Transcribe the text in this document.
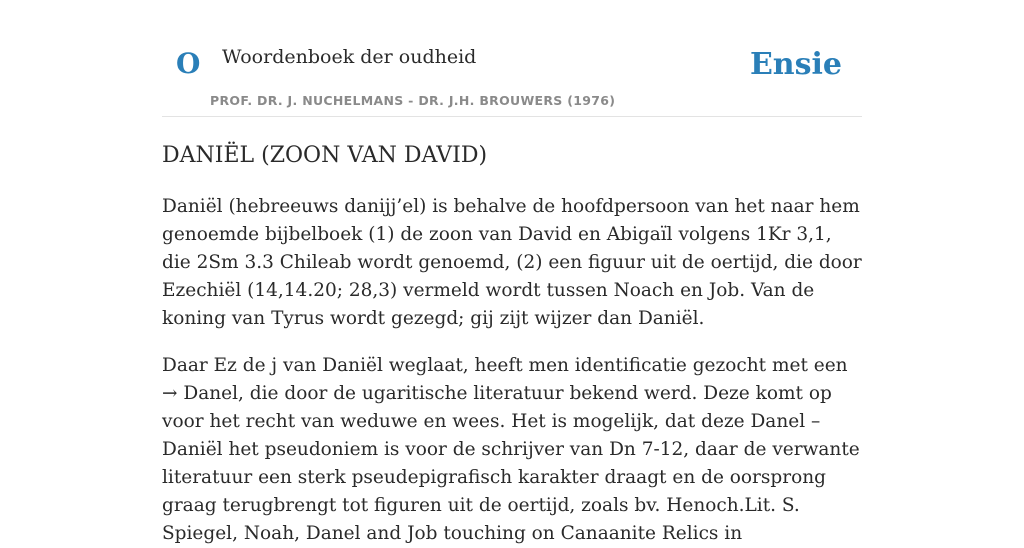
O Woordenboek der oudheid
PROF. DR. J. NUCHELMANS - DR. J.H. BROUWERS (1976)
Ensie
DANIËL (ZOON VAN DAVID)

Daniël (hebreeuws danijj’el) is behalve de hoofdpersoon van het naar hem genoemde bijbelboek (1) de zoon van David en Abigaïl volgens 1Kr 3,1, die 2Sm 3.3 Chileab wordt genoemd, (2) een figuur uit de oertijd, die door Ezechiël (14,14.20; 28,3) vermeld wordt tussen Noach en Job. Van de koning van Tyrus wordt gezegd; gij zijt wijzer dan Daniël.

Daar Ez de j van Daniël weglaat, heeft men identificatie gezocht met een → Danel, die door de ugaritische literatuur bekend werd. Deze komt op voor het recht van weduwe en wees. Het is mogelijk, dat deze Danel – Daniël het pseudoniem is voor de schrijver van Dn 7-12, daar de verwante literatuur een sterk pseudepigrafisch karakter draagt en de oorsprong graag terugbrengt tot figuren uit de oertijd, zoals bv. Henoch.Lit. S. Spiegel, Noah, Danel and Job touching on Canaanite Relics in
